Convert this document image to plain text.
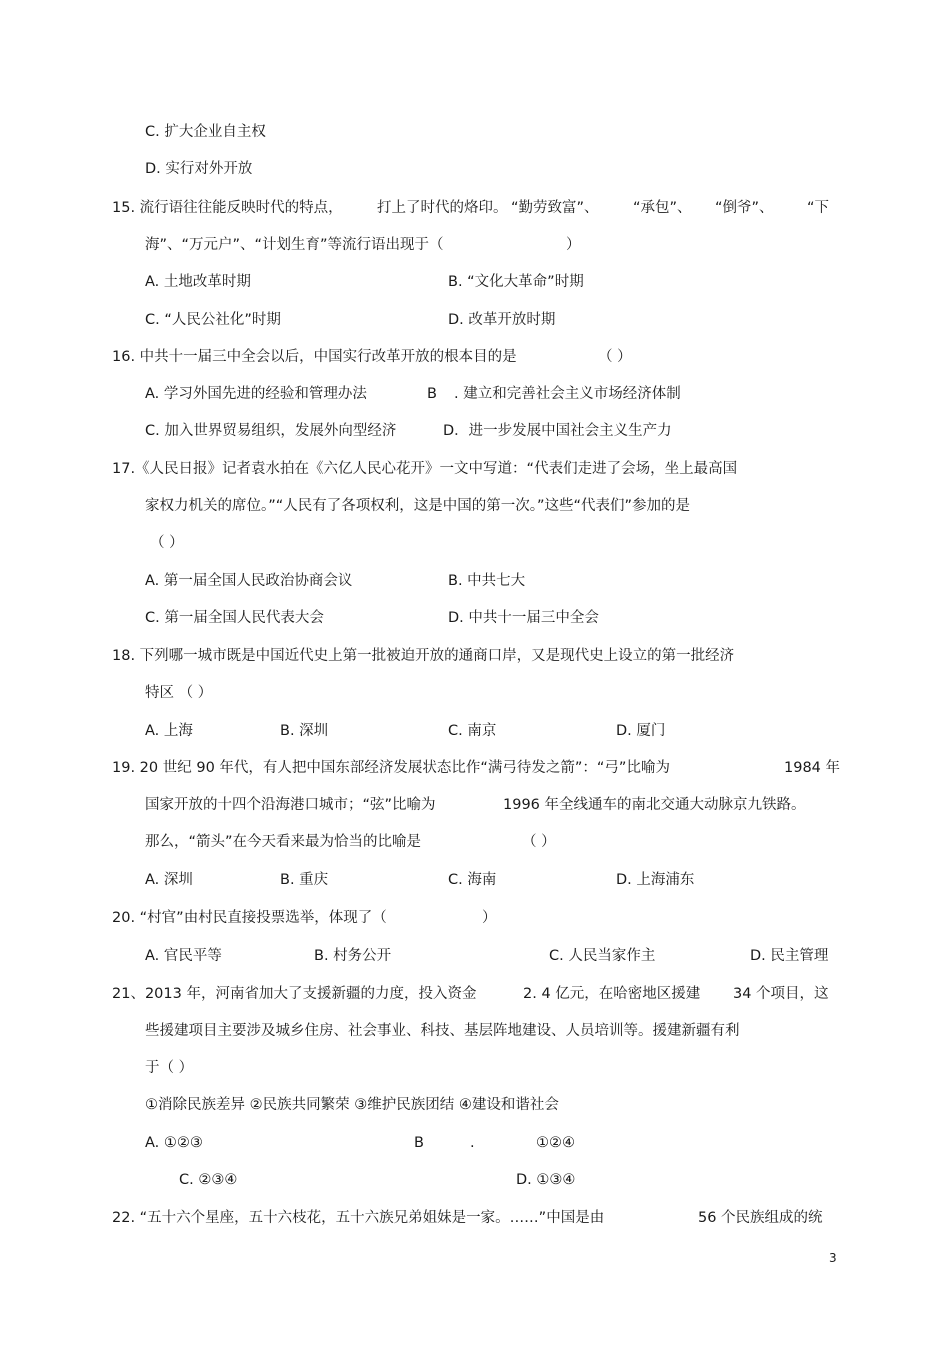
C. 扩大企业自主权
D. 实行对外开放
15. 流行语往往能反映时代的特点， 打上了时代的烙印。 “勤劳致富”、 “承包”、 “倒爷”、 “下
海”、“万元户”、“计划生育”等流行语出现于（	）
A. 土地改革时期	B. “文化大革命”时期
C. “人民公社化”时期	D. 改革开放时期
16. 中共十一届三中全会以后，中国实行改革开放的根本目的是	（ ）
A. 学习外国先进的经验和管理办法	B . 建立和完善社会主义市场经济体制
C. 加入世界贸易组织，发展外向型经济	D．进一步发展中国社会主义生产力
17.《人民日报》记者袁水拍在《六亿人民心花开》一文中写道：“代表们走进了会场，坐上最高国
家权力机关的席位。”“人民有了各项权利，这是中国的第一次。”这些“代表们”参加的是
（ ）
A. 第一届全国人民政治协商会议	B. 中共七大
C. 第一届全国人民代表大会	D. 中共十一届三中全会
18. 下列哪一城市既是中国近代史上第一批被迫开放的通商口岸，又是现代史上设立的第一批经济
特区 （ ）
A. 上海	B. 深圳	C. 南京	D. 厦门
19. 20 世纪 90 年代，有人把中国东部经济发展状态比作“满弓待发之箭”：“弓”比喻为	1984 年
国家开放的十四个沿海港口城市；“弦”比喻为	1996 年全线通车的南北交通大动脉京九铁路。
那么，“箭头”在今天看来最为恰当的比喻是	（ ）
A. 深圳	B. 重庆	C. 海南	D. 上海浦东
20. “村官”由村民直接投票选举，体现了（	）
A. 官民平等	B. 村务公开	C. 人民当家作主	D. 民主管理
21、2013 年，河南省加大了支援新疆的力度，投入资金	2. 4 亿元，在哈密地区援建 34 个项目，这
些援建项目主要涉及城乡住房、社会事业、科技、基层阵地建设、人员培训等。援建新疆有利
于（ ）
①消除民族差异 ②民族共同繁荣 ③维护民族团结 ④建设和谐社会
A. ①②③	B	.	①②④
C. ②③④	D. ①③④
22. “五十六个星座，五十六枝花，五十六族兄弟姐妹是一家。……”中国是由	56 个民族组成的统
3
